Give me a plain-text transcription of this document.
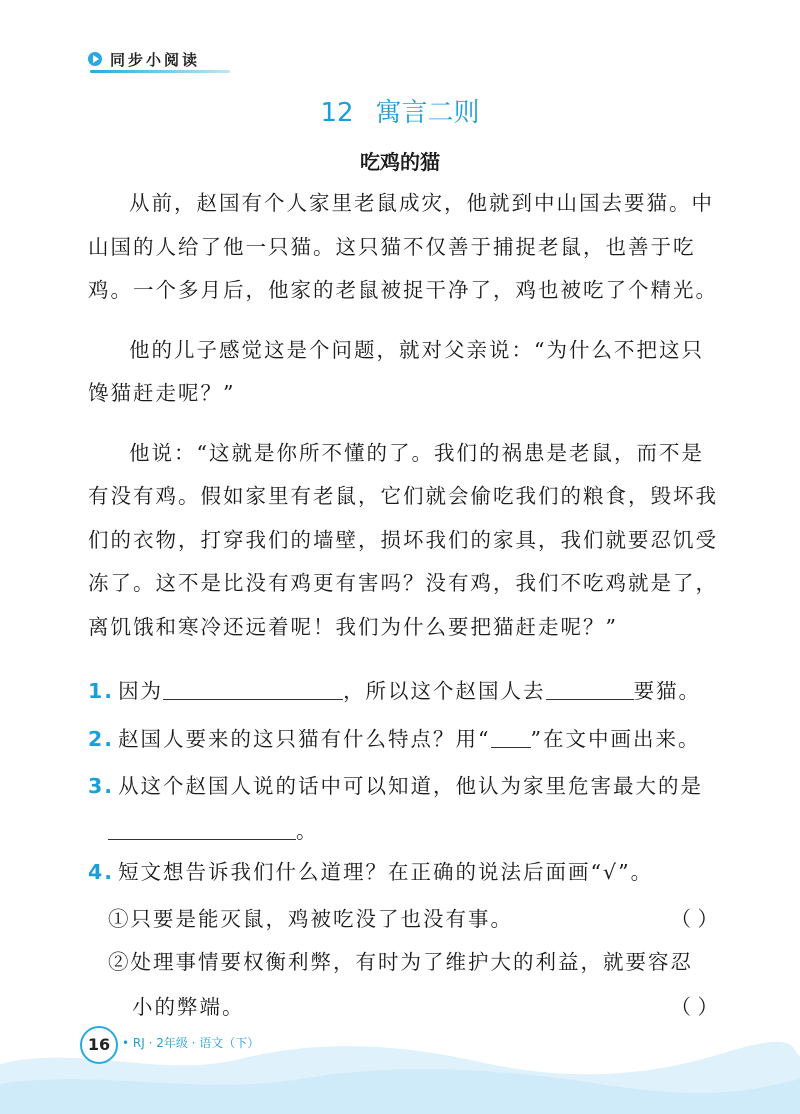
同步小阅读
12 寓言二则
吃鸡的猫

从前，赵国有个人家里老鼠成灾，他就到中山国去要猫。中山国的人给了他一只猫。这只猫不仅善于捕捉老鼠，也善于吃鸡。一个多月后，他家的老鼠被捉干净了，鸡也被吃了个精光。

他的儿子感觉这是个问题，就对父亲说：“为什么不把这只馋猫赶走呢？”

他说：“这就是你所不懂的了。我们的祸患是老鼠，而不是有没有鸡。假如家里有老鼠，它们就会偷吃我们的粮食，毁坏我们的衣物，打穿我们的墙壁，损坏我们的家具，我们就要忍饥受冻了。这不是比没有鸡更有害吗？没有鸡，我们不吃鸡就是了，离饥饿和寒冷还远着呢！我们为什么要把猫赶走呢？”

1. 因为	，所以这个赵国人去	要猫。
2. 赵国人要来的这只猫有什么特点？用“ ”在文中画出来。
3. 从这个赵国人说的话中可以知道，他认为家里危害最大的是
。
4. 短文想告诉我们什么道理？在正确的说法后面画“√”。
①只要是能灭鼠，鸡被吃没了也没有事。	（ ）
②处理事情要权衡利弊，有时为了维护大的利益，就要容忍
小的弊端。	（ ）
16 • RJ · 2年级 · 语文（下）
